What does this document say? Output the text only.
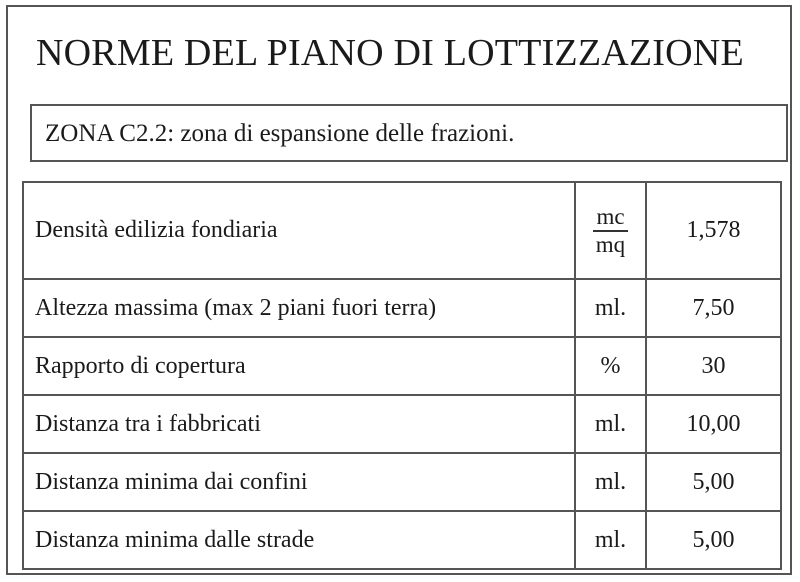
NORME DEL PIANO DI LOTTIZZAZIONE
ZONA C2.2: zona di espansione delle frazioni.
Densità edilizia fondiaria	$\frac{mc}{mq}$	1,578
Altezza massima (max 2 piani fuori terra)	ml.	7,50
Rapporto di copertura	%	30
Distanza tra i fabbricati	ml.	10,00
Distanza minima dai confini	ml.	5,00
Distanza minima dalle strade	ml.	5,00
